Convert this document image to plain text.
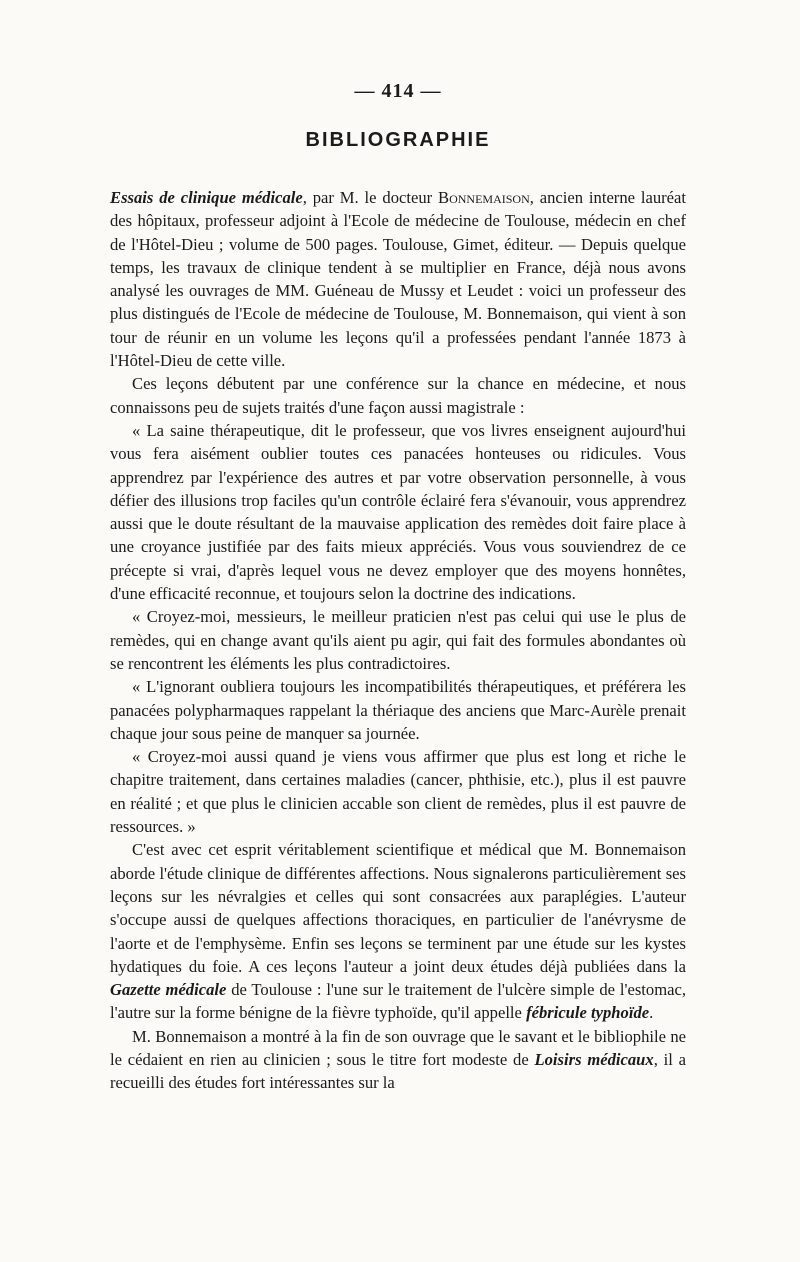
— 414 —
BIBLIOGRAPHIE

Essais de clinique médicale, par M. le docteur Bonnemaison, ancien interne lauréat des hôpitaux, professeur adjoint à l'Ecole de médecine de Toulouse, médecin en chef de l'Hôtel-Dieu ; volume de 500 pages. Toulouse, Gimet, éditeur. — Depuis quelque temps, les travaux de clinique tendent à se multiplier en France, déjà nous avons analysé les ouvrages de MM. Guéneau de Mussy et Leudet : voici un professeur des plus distingués de l'Ecole de médecine de Toulouse, M. Bonnemaison, qui vient à son tour de réunir en un volume les leçons qu'il a professées pendant l'année 1873 à l'Hôtel-Dieu de cette ville.

Ces leçons débutent par une conférence sur la chance en médecine, et nous connaissons peu de sujets traités d'une façon aussi magistrale :

« La saine thérapeutique, dit le professeur, que vos livres enseignent aujourd'hui vous fera aisément oublier toutes ces panacées honteuses ou ridicules. Vous apprendrez par l'expérience des autres et par votre observation personnelle, à vous défier des illusions trop faciles qu'un contrôle éclairé fera s'évanouir, vous apprendrez aussi que le doute résultant de la mauvaise application des remèdes doit faire place à une croyance justifiée par des faits mieux appréciés. Vous vous souviendrez de ce précepte si vrai, d'après lequel vous ne devez employer que des moyens honnêtes, d'une efficacité reconnue, et toujours selon la doctrine des indications.

« Croyez-moi, messieurs, le meilleur praticien n'est pas celui qui use le plus de remèdes, qui en change avant qu'ils aient pu agir, qui fait des formules abondantes où se rencontrent les éléments les plus contradictoires.

« L'ignorant oubliera toujours les incompatibilités thérapeutiques, et préférera les panacées polypharmaques rappelant la thériaque des anciens que Marc-Aurèle prenait chaque jour sous peine de manquer sa journée.

« Croyez-moi aussi quand je viens vous affirmer que plus est long et riche le chapitre traitement, dans certaines maladies (cancer, phthisie, etc.), plus il est pauvre en réalité ; et que plus le clinicien accable son client de remèdes, plus il est pauvre de ressources. »

C'est avec cet esprit véritablement scientifique et médical que M. Bonnemaison aborde l'étude clinique de différentes affections. Nous signalerons particulièrement ses leçons sur les névralgies et celles qui sont consacrées aux paraplégies. L'auteur s'occupe aussi de quelques affections thoraciques, en particulier de l'anévrysme de l'aorte et de l'emphysème. Enfin ses leçons se terminent par une étude sur les kystes hydatiques du foie. A ces leçons l'auteur a joint deux études déjà publiées dans la Gazette médicale de Toulouse : l'une sur le traitement de l'ulcère simple de l'estomac, l'autre sur la forme bénigne de la fièvre typhoïde, qu'il appelle fébricule typhoïde.

M. Bonnemaison a montré à la fin de son ouvrage que le savant et le bibliophile ne le cédaient en rien au clinicien ; sous le titre fort modeste de Loisirs médicaux, il a recueilli des études fort intéressantes sur la
